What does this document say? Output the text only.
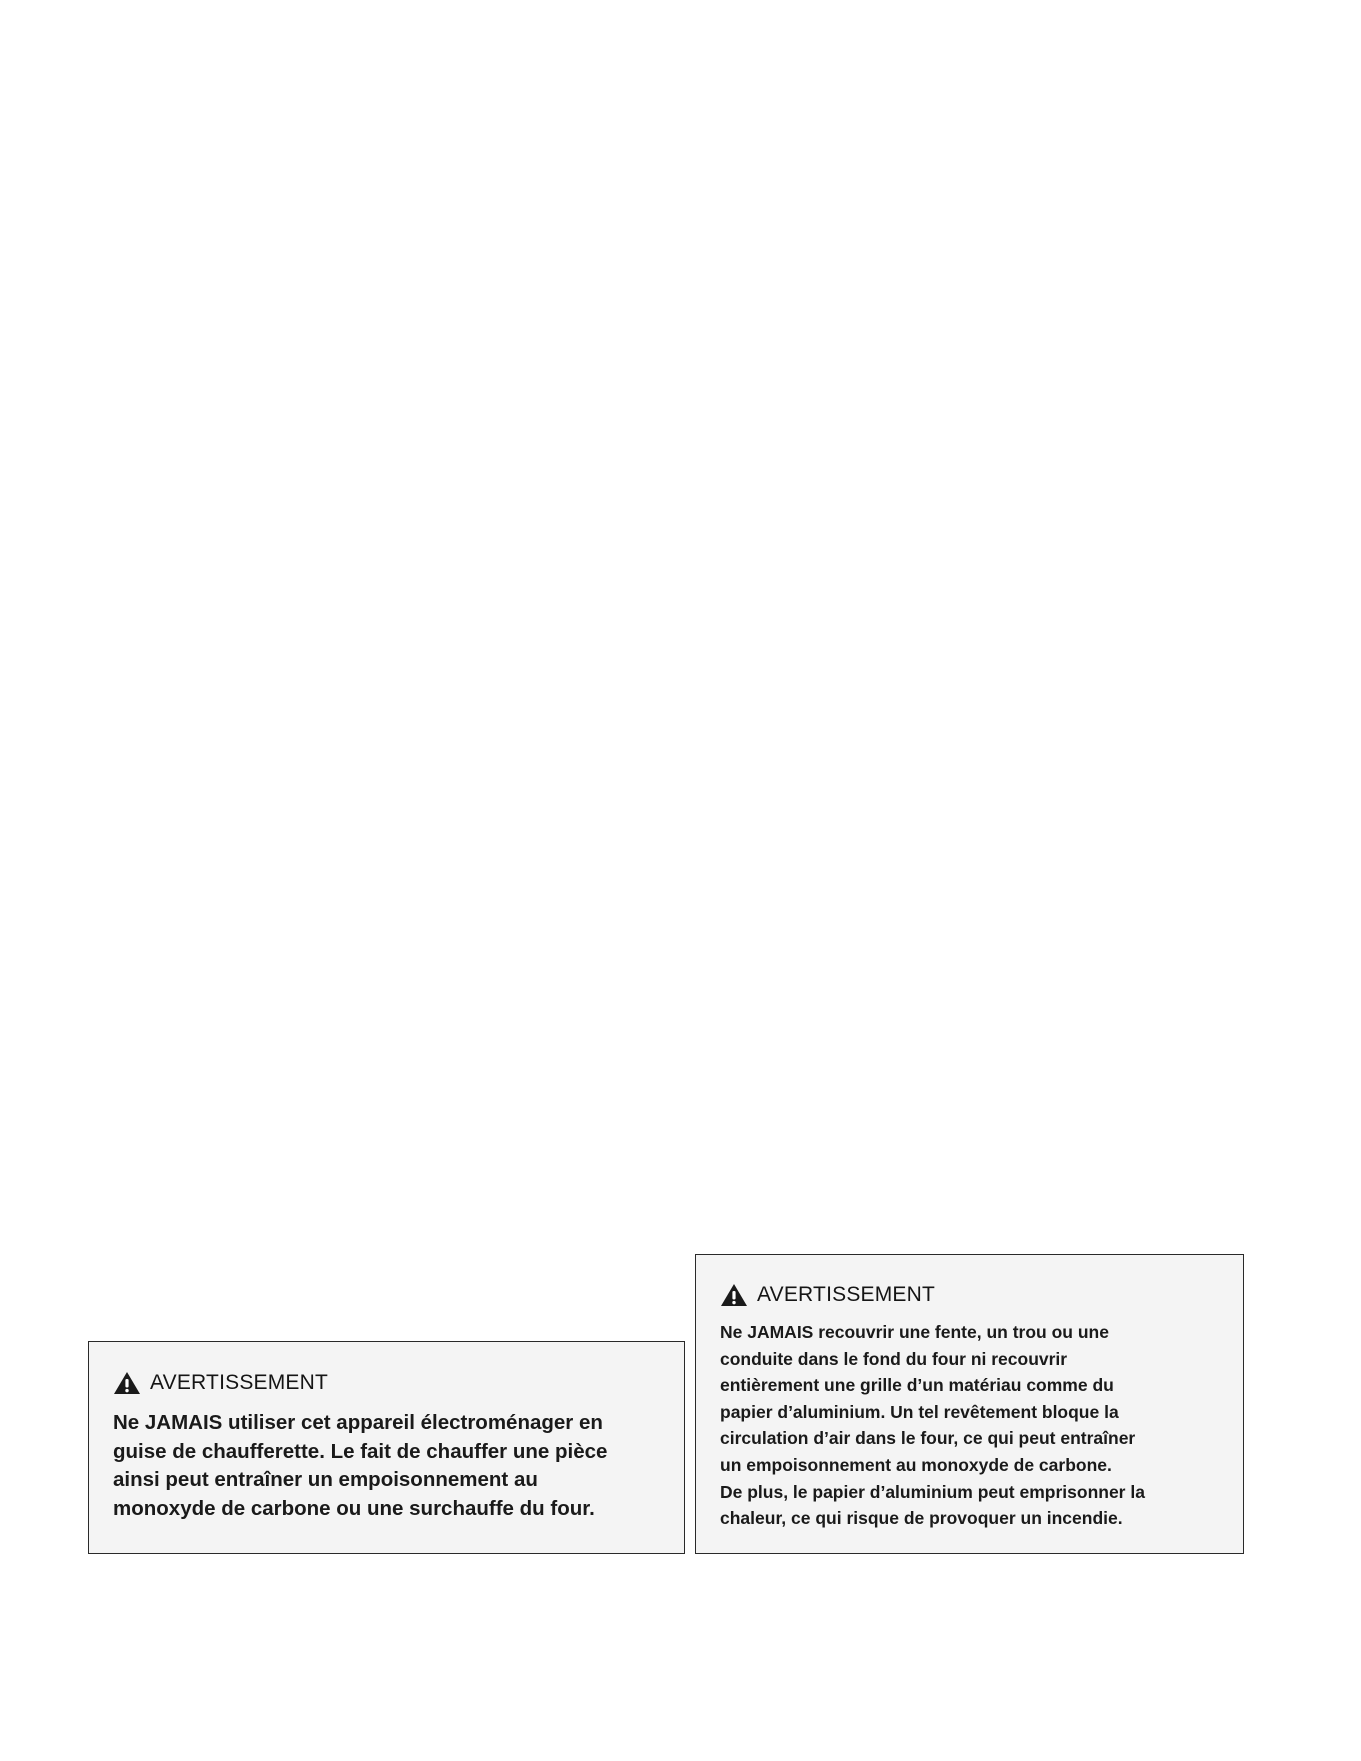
AVERTISSEMENT
Ne JAMAIS utiliser cet appareil électroménager en
guise de chaufferette. Le fait de chauffer une pièce
ainsi peut entraîner un empoisonnement au
monoxyde de carbone ou une surchauffe du four.
AVERTISSEMENT
Ne JAMAIS recouvrir une fente, un trou ou une
conduite dans le fond du four ni recouvrir
entièrement une grille d’un matériau comme du
papier d’aluminium. Un tel revêtement bloque la
circulation d’air dans le four, ce qui peut entraîner
un empoisonnement au monoxyde de carbone.
De plus, le papier d’aluminium peut emprisonner la
chaleur, ce qui risque de provoquer un incendie.
